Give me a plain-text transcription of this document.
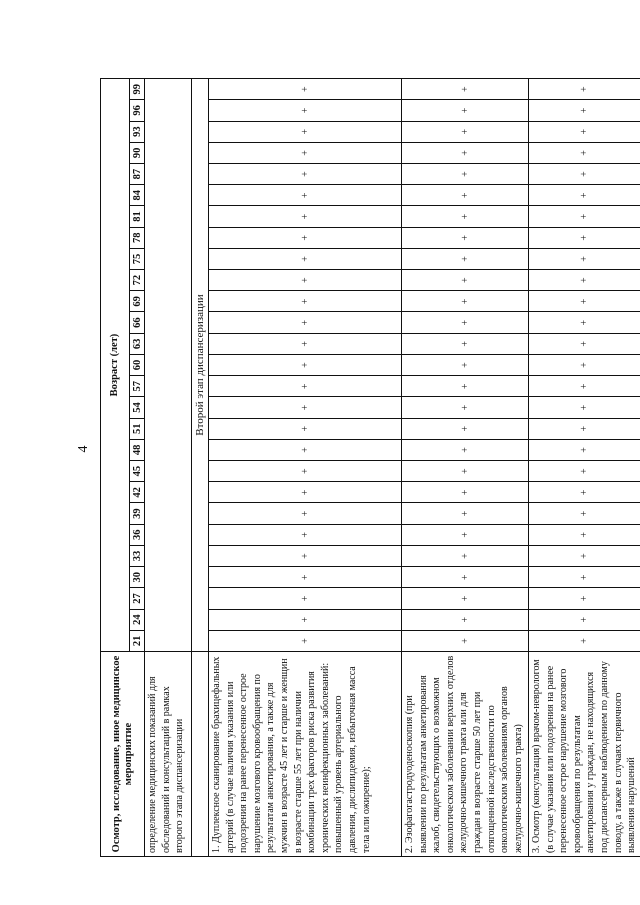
4
Осмотр, исследование, иное медицинское мероприятие	Возраст (лет)																										
	21	24	27	30	33	36	39	42	45	48	51	54	57	60	63	66	69	72	75	78	81	84	87	90	93	96	99
определение медицинских показаний для обследований и консультаций в рамках второго этапа диспансеризации																											
	Второй этап диспансеризации																										
1. Дуплексное сканирование брахицефальных артерий (в случае наличия указания или подозрения на ранее перенесенное острое нарушение мозгового кровообращения по результатам анкетирования, а также для мужчин в возрасте 45 лет и старше и женщин в возрасте старше 55 лет при наличии комбинации трех факторов риска развития хронических неинфекционных заболеваний: повышенный уровень артериального давления, дислипидемия, избыточная масса тела или ожирение);	+	+	+	+	+	+	+	+	+	+	+	+	+	+	+	+	+	+	+	+	+	+	+	+	+	+	+
2. Эзофагогастродуоденоскопия (при выявлении по результатам анкетирования жалоб, свидетельствующих о возможном онкологическом заболевании верхних отделов желудочно-кишечного тракта или для граждан в возрасте старше 50 лет при отягощенной наследственности по онкологическим заболеваниям органов желудочно-кишечного тракта)	+	+	+	+	+	+	+	+	+	+	+	+	+	+	+	+	+	+	+	+	+	+	+	+	+	+	+
3. Осмотр (консультация) врачом-неврологом (в случае указания или подозрения на ранее перенесенное острое нарушение мозгового кровообращения по результатам анкетирования у граждан, не находящихся под диспансерным наблюдением по данному поводу, а также в случаях первичного выявления нарушений	+	+	+	+	+	+	+	+	+	+	+	+	+	+	+	+	+	+	+	+	+	+	+	+	+	+	+
